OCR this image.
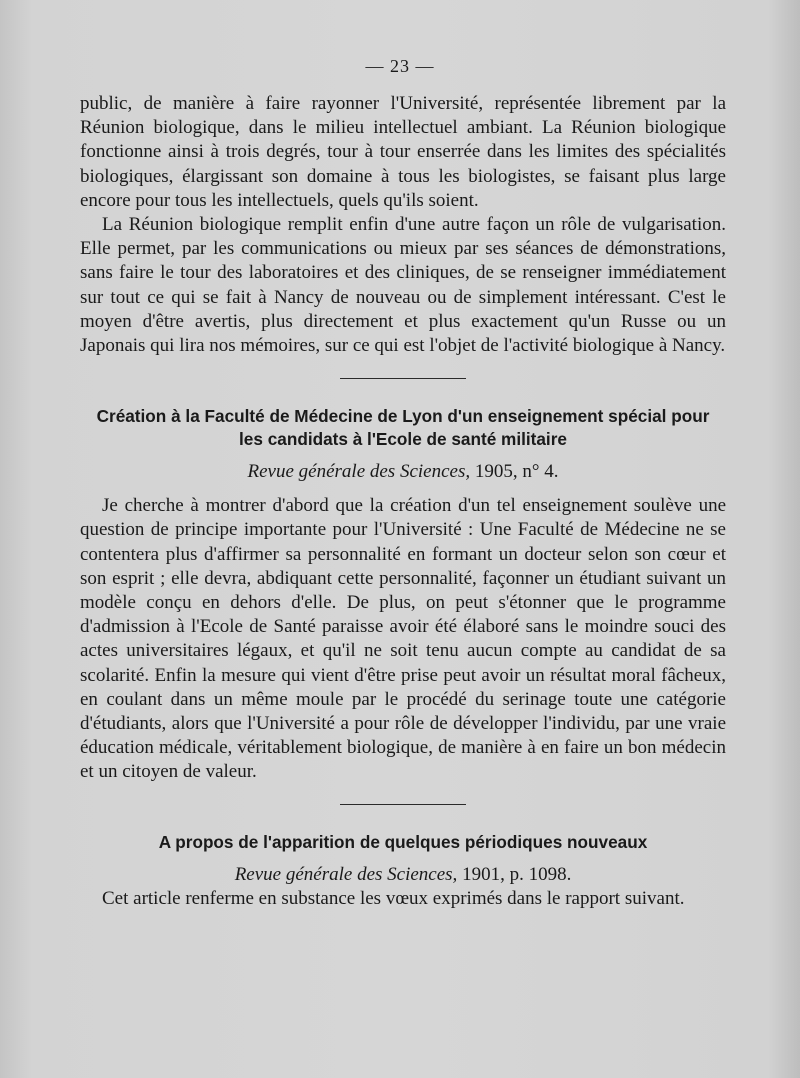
— 23 —

public, de manière à faire rayonner l'Université, représentée librement par la Réunion biologique, dans le milieu intellectuel ambiant. La Réunion biologique fonctionne ainsi à trois degrés, tour à tour enserrée dans les limites des spécialités biologiques, élargissant son domaine à tous les biologistes, se faisant plus large encore pour tous les intellectuels, quels qu'ils soient.

La Réunion biologique remplit enfin d'une autre façon un rôle de vulgarisation. Elle permet, par les communications ou mieux par ses séances de démonstrations, sans faire le tour des laboratoires et des cliniques, de se renseigner immédiatement sur tout ce qui se fait à Nancy de nouveau ou de simplement intéressant. C'est le moyen d'être avertis, plus directement et plus exactement qu'un Russe ou un Japonais qui lira nos mémoires, sur ce qui est l'objet de l'activité biologique à Nancy.

Création à la Faculté de Médecine de Lyon d'un enseignement spécial pour
les candidats à l'Ecole de santé militaire

Revue générale des Sciences, 1905, n° 4.

Je cherche à montrer d'abord que la création d'un tel enseignement soulève une question de principe importante pour l'Université : Une Faculté de Médecine ne se contentera plus d'affirmer sa personnalité en formant un docteur selon son cœur et son esprit ; elle devra, abdiquant cette personnalité, façonner un étudiant suivant un modèle conçu en dehors d'elle. De plus, on peut s'étonner que le programme d'admission à l'Ecole de Santé paraisse avoir été élaboré sans le moindre souci des actes universitaires légaux, et qu'il ne soit tenu aucun compte au candidat de sa scolarité. Enfin la mesure qui vient d'être prise peut avoir un résultat moral fâcheux, en coulant dans un même moule par le procédé du serinage toute une catégorie d'étudiants, alors que l'Université a pour rôle de développer l'individu, par une vraie éducation médicale, véritablement biologique, de manière à en faire un bon médecin et un citoyen de valeur.

A propos de l'apparition de quelques périodiques nouveaux

Revue générale des Sciences, 1901, p. 1098.

Cet article renferme en substance les vœux exprimés dans le rapport suivant.
